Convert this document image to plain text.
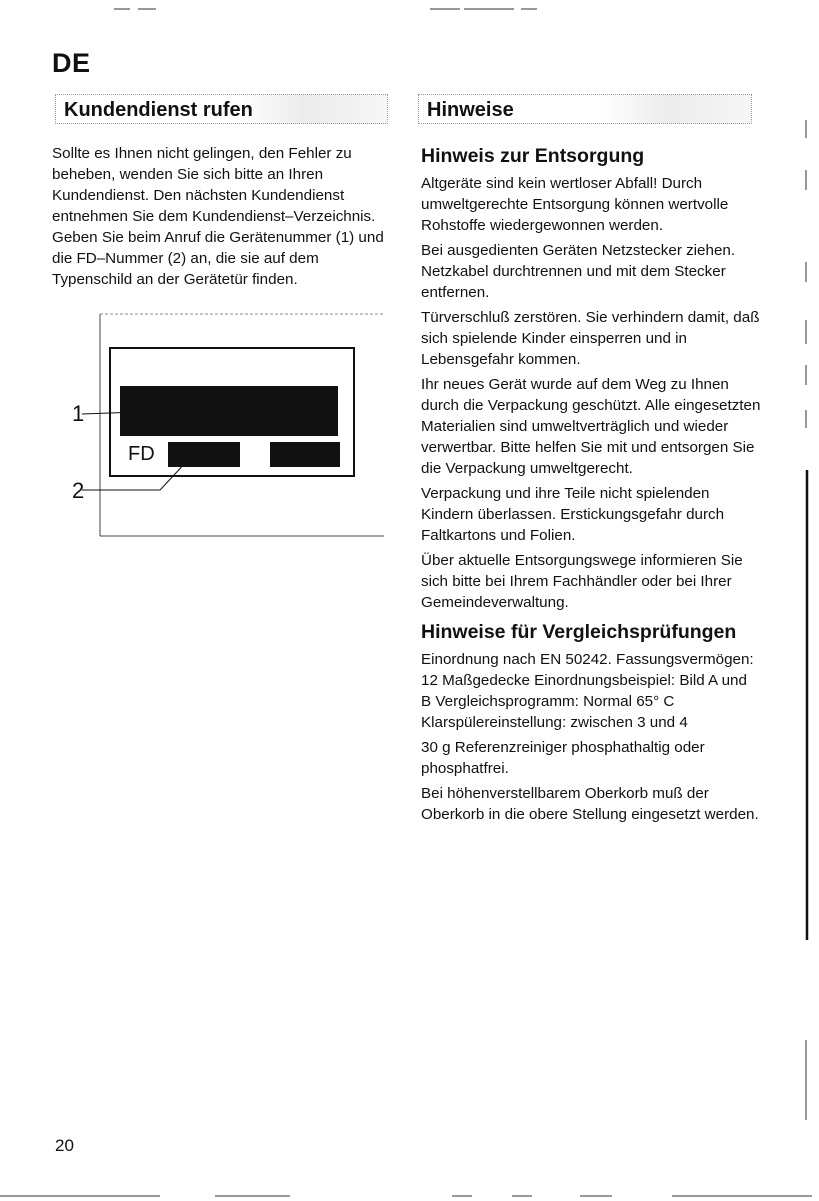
DE
Kundendienst rufen

Sollte es Ihnen nicht gelingen, den Fehler zu beheben, wenden Sie sich bitte an Ihren Kundendienst. Den nächsten Kundendienst entnehmen Sie dem Kundendienst–Verzeichnis. Geben Sie beim Anruf die Gerätenummer (1) und die FD–Nummer (2) an, die sie auf dem Typenschild an der Gerätetür finden.

1
2
FD
Hinweise
Hinweis zur Entsorgung

Altgeräte sind kein wertloser Abfall! Durch umweltgerechte Entsorgung können wertvolle Rohstoffe wiedergewonnen werden.

Bei ausgedienten Geräten Netzstecker ziehen. Netzkabel durchtrennen und mit dem Stecker entfernen.

Türverschluß zerstören. Sie verhindern damit, daß sich spielende Kinder einsperren und in Lebensgefahr kommen.

Ihr neues Gerät wurde auf dem Weg zu Ihnen durch die Verpackung geschützt. Alle eingesetzten Materialien sind umweltverträglich und wieder verwertbar. Bitte helfen Sie mit und entsorgen Sie die Verpackung umweltgerecht.

Verpackung und ihre Teile nicht spielenden Kindern überlassen. Erstickungsgefahr durch Faltkartons und Folien.

Über aktuelle Entsorgungswege informieren Sie sich bitte bei Ihrem Fachhändler oder bei Ihrer Gemeindeverwaltung.

Hinweise für Vergleichsprüfungen

Einordnung nach EN 50242. Fassungsvermögen: 12 Maßgedecke Einordnungsbeispiel: Bild A und B Vergleichsprogramm: Normal 65° C Klarspülereinstellung: zwischen 3 und 4

30 g Referenzreiniger phosphathaltig oder phosphatfrei.

Bei höhenverstellbarem Oberkorb muß der Oberkorb in die obere Stellung eingesetzt werden.

20
